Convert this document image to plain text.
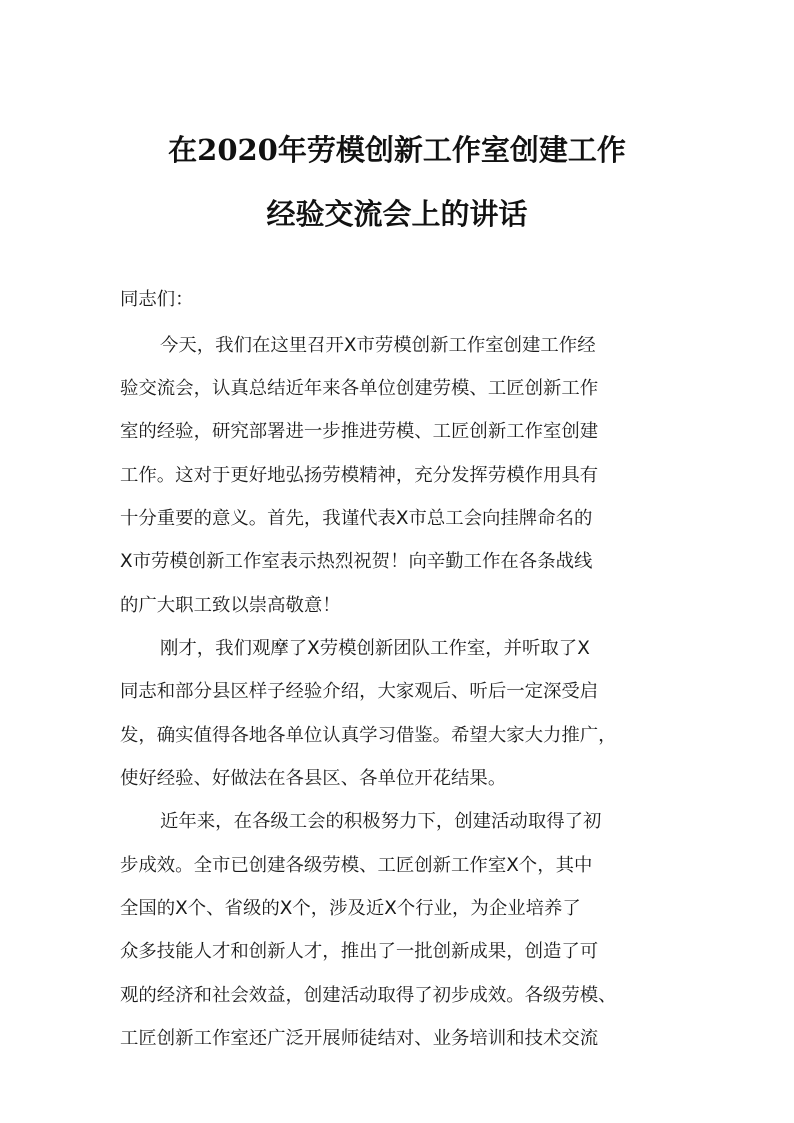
在2020年劳模创新工作室创建工作
经验交流会上的讲话
同志们：
今天，我们在这里召开X市劳模创新工作室创建工作经
验交流会，认真总结近年来各单位创建劳模、工匠创新工作
室的经验，研究部署进一步推进劳模、工匠创新工作室创建
工作。这对于更好地弘扬劳模精神，充分发挥劳模作用具有
十分重要的意义。首先，我谨代表X市总工会向挂牌命名的
X市劳模创新工作室表示热烈祝贺！向辛勤工作在各条战线
的广大职工致以崇高敬意！
刚才，我们观摩了X劳模创新团队工作室，并听取了X
同志和部分县区样子经验介绍，大家观后、听后一定深受启
发，确实值得各地各单位认真学习借鉴。希望大家大力推广，
使好经验、好做法在各县区、各单位开花结果。
近年来，在各级工会的积极努力下，创建活动取得了初
步成效。全市已创建各级劳模、工匠创新工作室X个，其中
全国的X个、省级的X个，涉及近X个行业，为企业培养了
众多技能人才和创新人才，推出了一批创新成果，创造了可
观的经济和社会效益，创建活动取得了初步成效。各级劳模、
工匠创新工作室还广泛开展师徒结对、业务培训和技术交流
